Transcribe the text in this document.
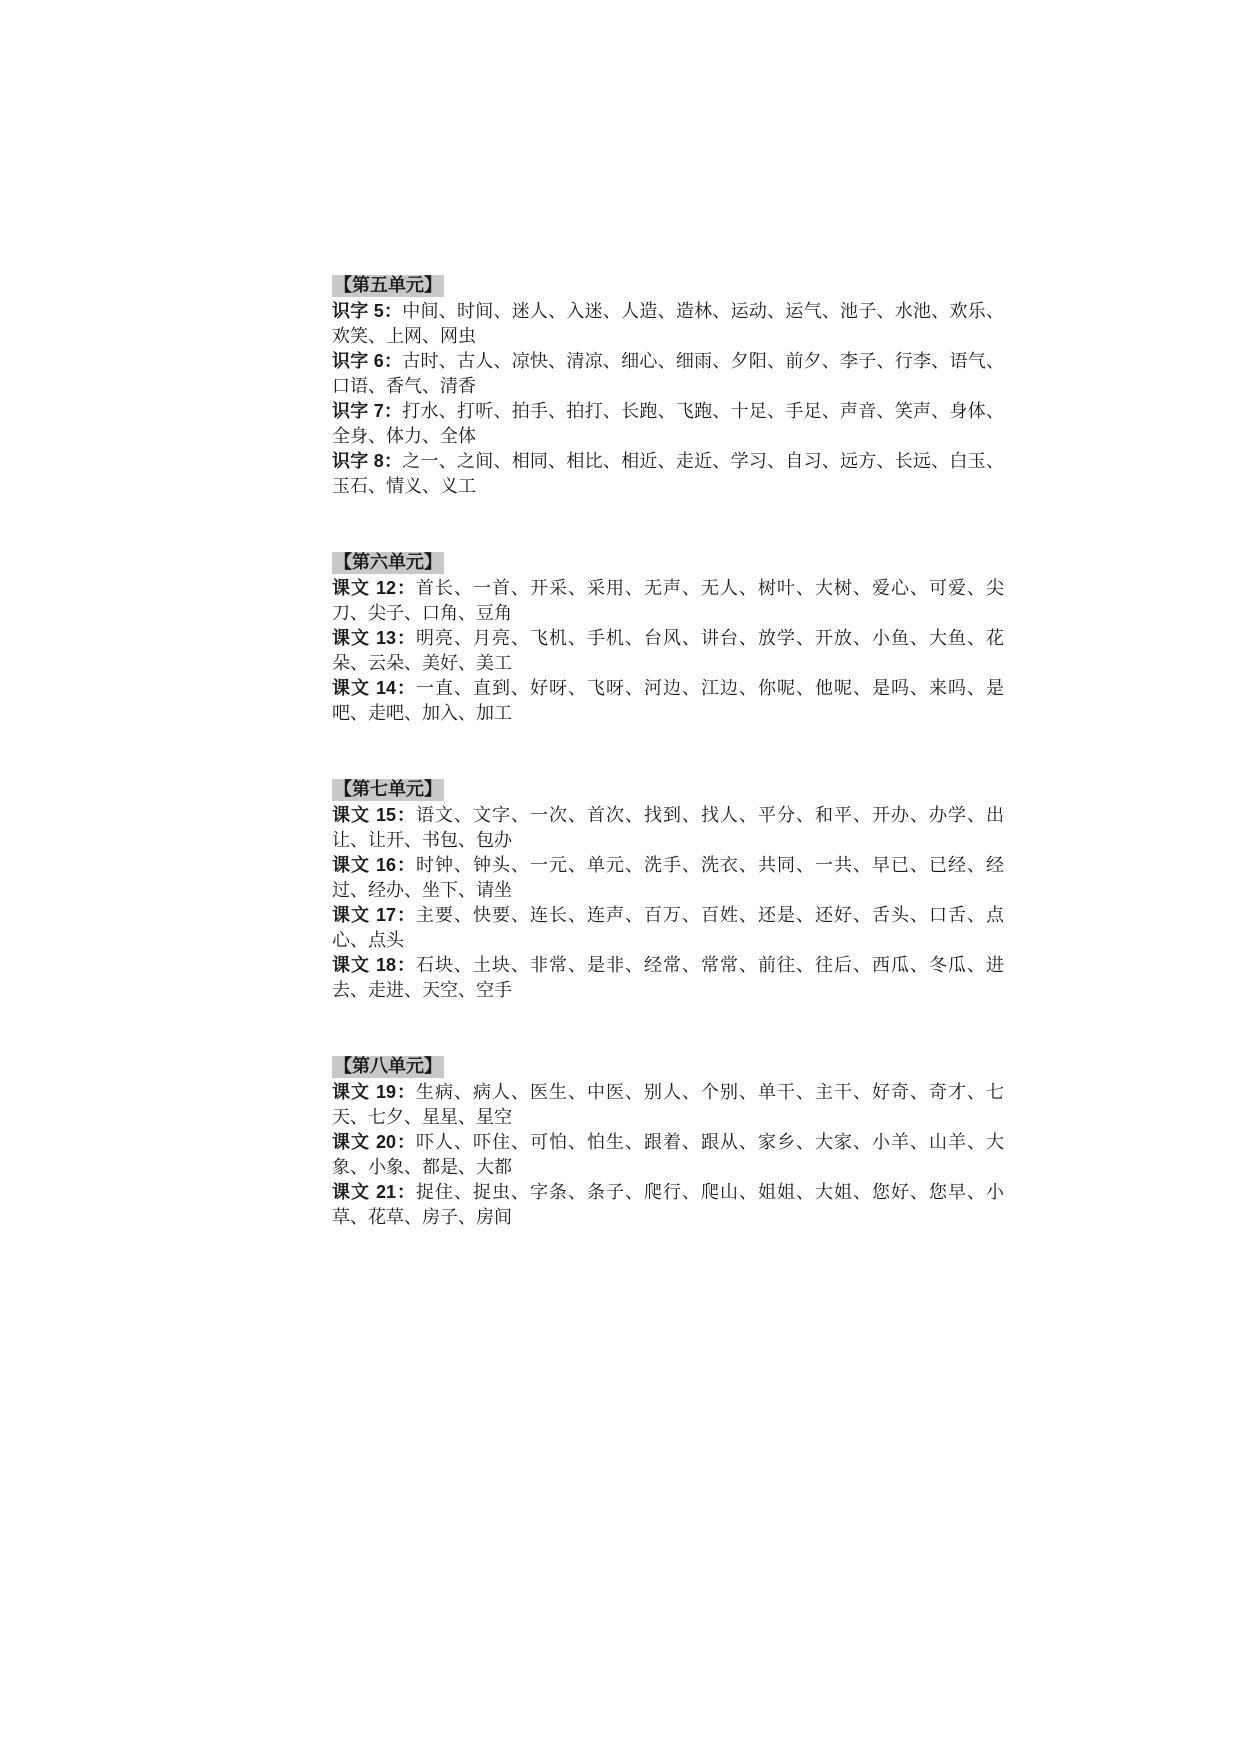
【第五单元】
识字 5：中间、时间、迷人、入迷、人造、造林、运动、运气、池子、水池、欢乐、欢笑、上网、网虫
识字 6：古时、古人、凉快、清凉、细心、细雨、夕阳、前夕、李子、行李、语气、口语、香气、清香
识字 7：打水、打听、拍手、拍打、长跑、飞跑、十足、手足、声音、笑声、身体、全身、体力、全体
识字 8：之一、之间、相同、相比、相近、走近、学习、自习、远方、长远、白玉、玉石、情义、义工
【第六单元】
课文 12：首长、一首、开采、采用、无声、无人、树叶、大树、爱心、可爱、尖刀、尖子、口角、豆角
课文 13：明亮、月亮、飞机、手机、台风、讲台、放学、开放、小鱼、大鱼、花朵、云朵、美好、美工
课文 14：一直、直到、好呀、飞呀、河边、江边、你呢、他呢、是吗、来吗、是吧、走吧、加入、加工
【第七单元】
课文 15：语文、文字、一次、首次、找到、找人、平分、和平、开办、办学、出让、让开、书包、包办
课文 16：时钟、钟头、一元、单元、洗手、洗衣、共同、一共、早已、已经、经过、经办、坐下、请坐
课文 17：主要、快要、连长、连声、百万、百姓、还是、还好、舌头、口舌、点心、点头
课文 18：石块、土块、非常、是非、经常、常常、前往、往后、西瓜、冬瓜、进去、走进、天空、空手
【第八单元】
课文 19：生病、病人、医生、中医、别人、个别、单干、主干、好奇、奇才、七天、七夕、星星、星空
课文 20：吓人、吓住、可怕、怕生、跟着、跟从、家乡、大家、小羊、山羊、大象、小象、都是、大都
课文 21：捉住、捉虫、字条、条子、爬行、爬山、姐姐、大姐、您好、您早、小草、花草、房子、房间
